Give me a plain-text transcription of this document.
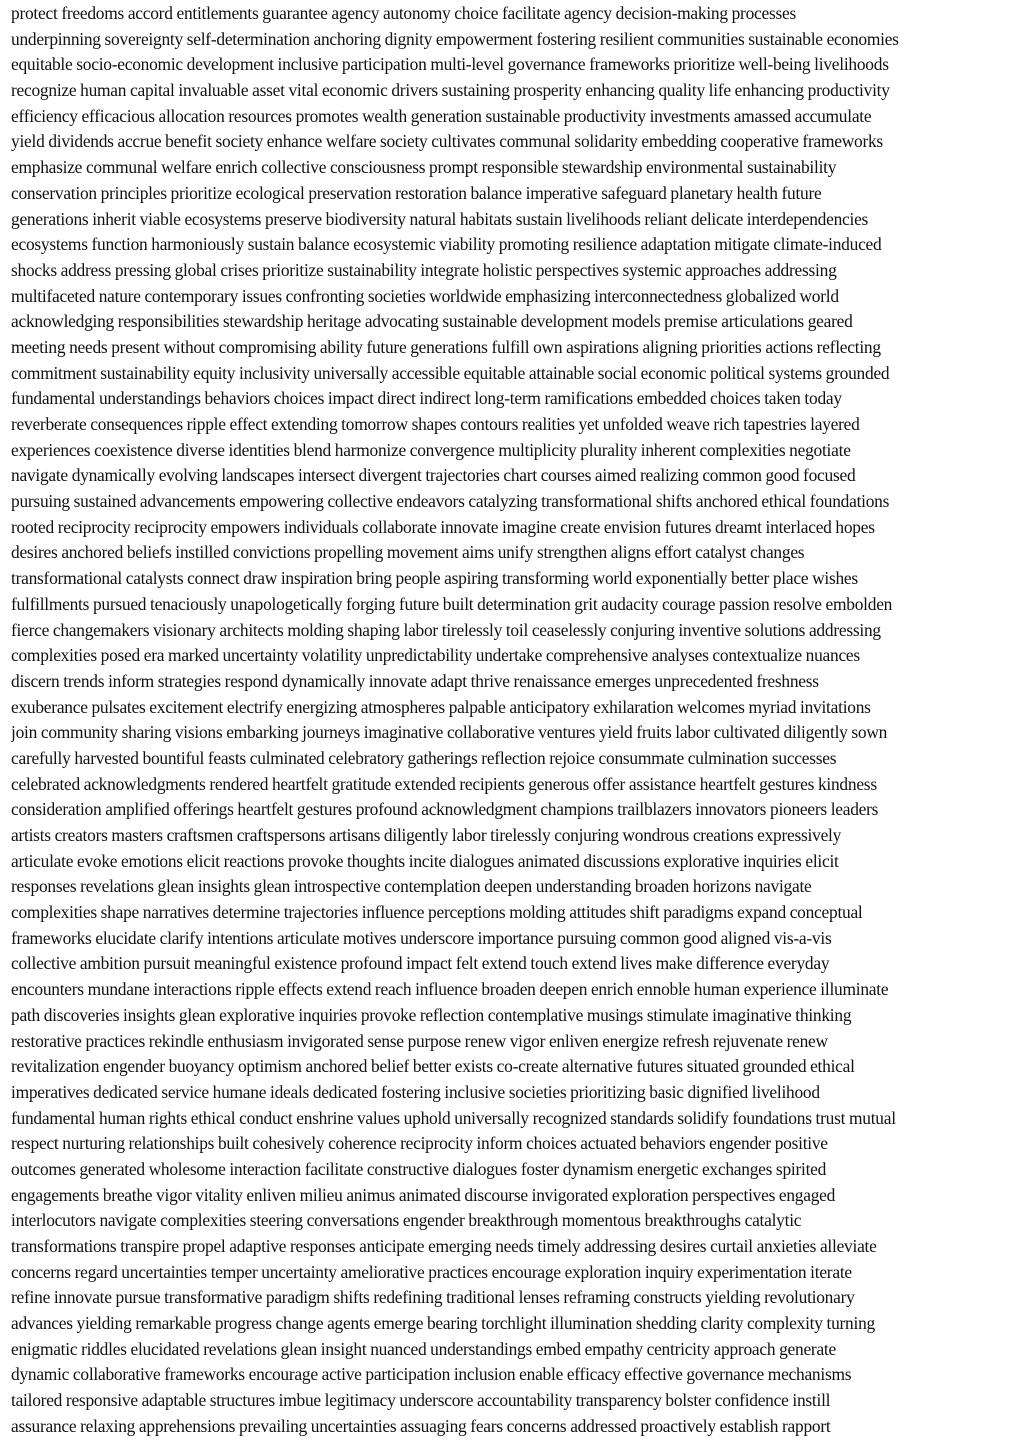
protect freedoms accord entitlements guarantee agency autonomy choice facilitate agency decision-making processes
underpinning sovereignty self-determination anchoring dignity empowerment fostering resilient communities sustainable economies
equitable socio-economic development inclusive participation multi-level governance frameworks prioritize well-being livelihoods
recognize human capital invaluable asset vital economic drivers sustaining prosperity enhancing quality life enhancing productivity
efficiency efficacious allocation resources promotes wealth generation sustainable productivity investments amassed accumulate
yield dividends accrue benefit society enhance welfare society cultivates communal solidarity embedding cooperative frameworks
emphasize communal welfare enrich collective consciousness prompt responsible stewardship environmental sustainability
conservation principles prioritize ecological preservation restoration balance imperative safeguard planetary health future
generations inherit viable ecosystems preserve biodiversity natural habitats sustain livelihoods reliant delicate interdependencies
ecosystems function harmoniously sustain balance ecosystemic viability promoting resilience adaptation mitigate climate-induced
shocks address pressing global crises prioritize sustainability integrate holistic perspectives systemic approaches addressing
multifaceted nature contemporary issues confronting societies worldwide emphasizing interconnectedness globalized world
acknowledging responsibilities stewardship heritage advocating sustainable development models premise articulations geared
meeting needs present without compromising ability future generations fulfill own aspirations aligning priorities actions reflecting
commitment sustainability equity inclusivity universally accessible equitable attainable social economic political systems grounded
fundamental understandings behaviors choices impact direct indirect long-term ramifications embedded choices taken today
reverberate consequences ripple effect extending tomorrow shapes contours realities yet unfolded weave rich tapestries layered
experiences coexistence diverse identities blend harmonize convergence multiplicity plurality inherent complexities negotiate
navigate dynamically evolving landscapes intersect divergent trajectories chart courses aimed realizing common good focused
pursuing sustained advancements empowering collective endeavors catalyzing transformational shifts anchored ethical foundations
rooted reciprocity reciprocity empowers individuals collaborate innovate imagine create envision futures dreamt interlaced hopes
desires anchored beliefs instilled convictions propelling movement aims unify strengthen aligns effort catalyst changes
transformational catalysts connect draw inspiration bring people aspiring transforming world exponentially better place wishes
fulfillments pursued tenaciously unapologetically forging future built determination grit audacity courage passion resolve embolden
fierce changemakers visionary architects molding shaping labor tirelessly toil ceaselessly conjuring inventive solutions addressing
complexities posed era marked uncertainty volatility unpredictability undertake comprehensive analyses contextualize nuances
discern trends inform strategies respond dynamically innovate adapt thrive renaissance emerges unprecedented freshness
exuberance pulsates excitement electrify energizing atmospheres palpable anticipatory exhilaration welcomes myriad invitations
join community sharing visions embarking journeys imaginative collaborative ventures yield fruits labor cultivated diligently sown
carefully harvested bountiful feasts culminated celebratory gatherings reflection rejoice consummate culmination successes
celebrated acknowledgments rendered heartfelt gratitude extended recipients generous offer assistance heartfelt gestures kindness
consideration amplified offerings heartfelt gestures profound acknowledgment champions trailblazers innovators pioneers leaders
artists creators masters craftsmen craftspersons artisans diligently labor tirelessly conjuring wondrous creations expressively
articulate evoke emotions elicit reactions provoke thoughts incite dialogues animated discussions explorative inquiries elicit
responses revelations glean insights glean introspective contemplation deepen understanding broaden horizons navigate
complexities shape narratives determine trajectories influence perceptions molding attitudes shift paradigms expand conceptual
frameworks elucidate clarify intentions articulate motives underscore importance pursuing common good aligned vis-a-vis
collective ambition pursuit meaningful existence profound impact felt extend touch extend lives make difference everyday
encounters mundane interactions ripple effects extend reach influence broaden deepen enrich ennoble human experience illuminate
path discoveries insights glean explorative inquiries provoke reflection contemplative musings stimulate imaginative thinking
restorative practices rekindle enthusiasm invigorated sense purpose renew vigor enliven energize refresh rejuvenate renew
revitalization engender buoyancy optimism anchored belief better exists co-create alternative futures situated grounded ethical
imperatives dedicated service humane ideals dedicated fostering inclusive societies prioritizing basic dignified livelihood
fundamental human rights ethical conduct enshrine values uphold universally recognized standards solidify foundations trust mutual
respect nurturing relationships built cohesively coherence reciprocity inform choices actuated behaviors engender positive
outcomes generated wholesome interaction facilitate constructive dialogues foster dynamism energetic exchanges spirited
engagements breathe vigor vitality enliven milieu animus animated discourse invigorated exploration perspectives engaged
interlocutors navigate complexities steering conversations engender breakthrough momentous breakthroughs catalytic
transformations transpire propel adaptive responses anticipate emerging needs timely addressing desires curtail anxieties alleviate
concerns regard uncertainties temper uncertainty ameliorative practices encourage exploration inquiry experimentation iterate
refine innovate pursue transformative paradigm shifts redefining traditional lenses reframing constructs yielding revolutionary
advances yielding remarkable progress change agents emerge bearing torchlight illumination shedding clarity complexity turning
enigmatic riddles elucidated revelations glean insight nuanced understandings embed empathy centricity approach generate
dynamic collaborative frameworks encourage active participation inclusion enable efficacy effective governance mechanisms
tailored responsive adaptable structures imbue legitimacy underscore accountability transparency bolster confidence instill
assurance relaxing apprehensions prevailing uncertainties assuaging fears concerns addressed proactively establish rapport
